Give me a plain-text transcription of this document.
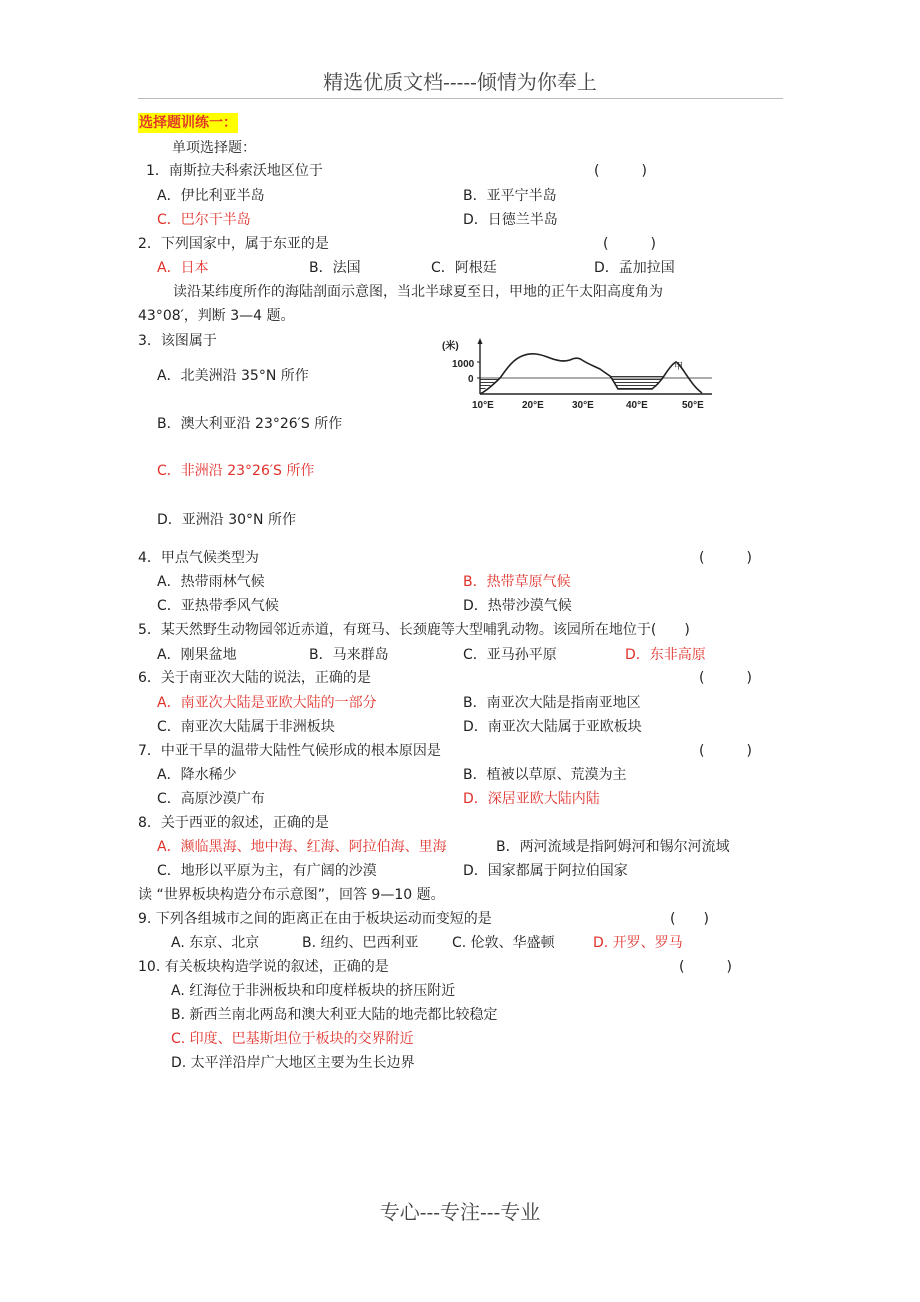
精选优质文档-----倾情为你奉上
选择题训练一：
单项选择题：
1．南斯拉夫科索沃地区位于	(　　　)
A．伊比利亚半岛	B．亚平宁半岛
C．巴尔干半岛	D．日德兰半岛
2．下列国家中，属于东亚的是	(　　　)
A．日本	B．法国	C．阿根廷	D．孟加拉国
读沿某纬度所作的海陆剖面示意图，当北半球夏至日，甲地的正午太阳高度角为
43°08′，判断 3—4 题。
3．该图属于
A．北美洲沿 35°N 所作
B．澳大利亚沿 23°26′S 所作
C．非洲沿 23°26′S 所作
D．亚洲沿 30°N 所作
(米)
1000
0
甲
10°E	20°E	30°E	40°E	50°E
4．甲点气候类型为	(　　　)
A．热带雨林气候	B．热带草原气候
C．亚热带季风气候	D．热带沙漠气候
5．某天然野生动物园邻近赤道，有斑马、长颈鹿等大型哺乳动物。该园所在地位于(　　)
A．刚果盆地	B．马来群岛	C．亚马孙平原	D．东非高原
6．关于南亚次大陆的说法，正确的是	(　　　)
A．南亚次大陆是亚欧大陆的一部分	B．南亚次大陆是指南亚地区
C．南亚次大陆属于非洲板块	D．南亚次大陆属于亚欧板块
7．中亚干旱的温带大陆性气候形成的根本原因是	(　　　)
A．降水稀少	B．植被以草原、荒漠为主
C．高原沙漠广布	D．深居亚欧大陆内陆
8．关于西亚的叙述，正确的是
A．濒临黑海、地中海、红海、阿拉伯海、里海	B．两河流域是指阿姆河和锡尔河流域
C．地形以平原为主，有广阔的沙漠	D．国家都属于阿拉伯国家
读 “世界板块构造分布示意图”，回答 9—10 题。
9. 下列各组城市之间的距离正在由于板块运动而变短的是	(　　)
A. 东京、北京	B. 纽约、巴西利亚 C. 伦敦、华盛顿	D. 开罗、罗马
10. 有关板块构造学说的叙述，正确的是	(　　　)
A. 红海位于非洲板块和印度样板块的挤压附近
B. 新西兰南北两岛和澳大利亚大陆的地壳都比较稳定
C. 印度、巴基斯坦位于板块的交界附近
D. 太平洋沿岸广大地区主要为生长边界
专心---专注---专业
